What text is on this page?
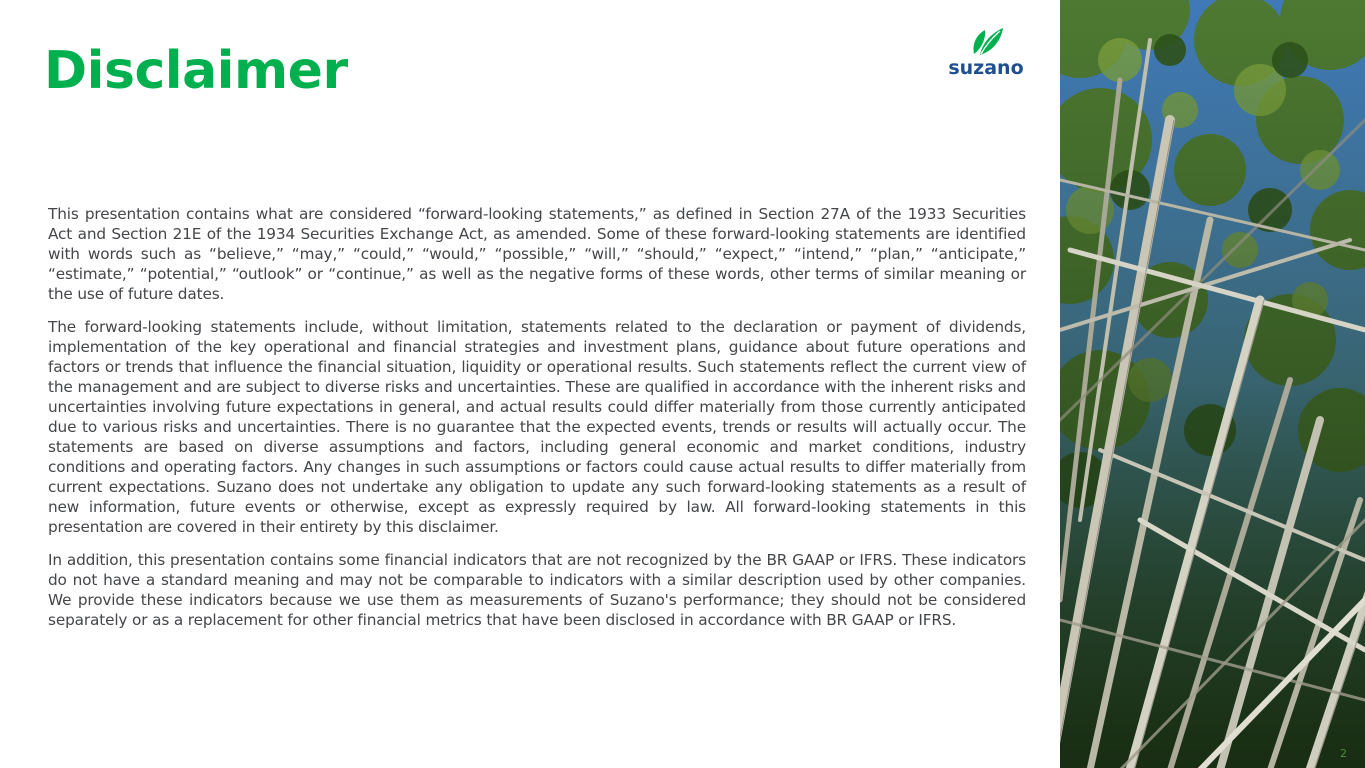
Disclaimer	suzano

This presentation contains what are considered “forward-looking statements,” as defined in Section 27A of the 1933 Securities Act and Section 21E of the 1934 Securities Exchange Act, as amended. Some of these forward-looking statements are identified with words such as “believe,” “may,” “could,” “would,” “possible,” “will,” “should,” “expect,” “intend,” “plan,” “anticipate,” “estimate,” “potential,” “outlook” or “continue,” as well as the negative forms of these words, other terms of similar meaning or the use of future dates.

The forward-looking statements include, without limitation, statements related to the declaration or payment of dividends, implementation of the key operational and financial strategies and investment plans, guidance about future operations and factors or trends that influence the financial situation, liquidity or operational results. Such statements reflect the current view of the management and are subject to diverse risks and uncertainties. These are qualified in accordance with the inherent risks and uncertainties involving future expectations in general, and actual results could differ materially from those currently anticipated due to various risks and uncertainties. There is no guarantee that the expected events, trends or results will actually occur. The statements are based on diverse assumptions and factors, including general economic and market conditions, industry conditions and operating factors. Any changes in such assumptions or factors could cause actual results to differ materially from current expectations. Suzano does not undertake any obligation to update any such forward-looking statements as a result of new information, future events or otherwise, except as expressly required by law. All forward-looking statements in this presentation are covered in their entirety by this disclaimer.

In addition, this presentation contains some financial indicators that are not recognized by the BR GAAP or IFRS. These indicators do not have a standard meaning and may not be comparable to indicators with a similar description used by other companies. We provide these indicators because we use them as measurements of Suzano's performance; they should not be considered separately or as a replacement for other financial metrics that have been disclosed in accordance with BR GAAP or IFRS.

2
